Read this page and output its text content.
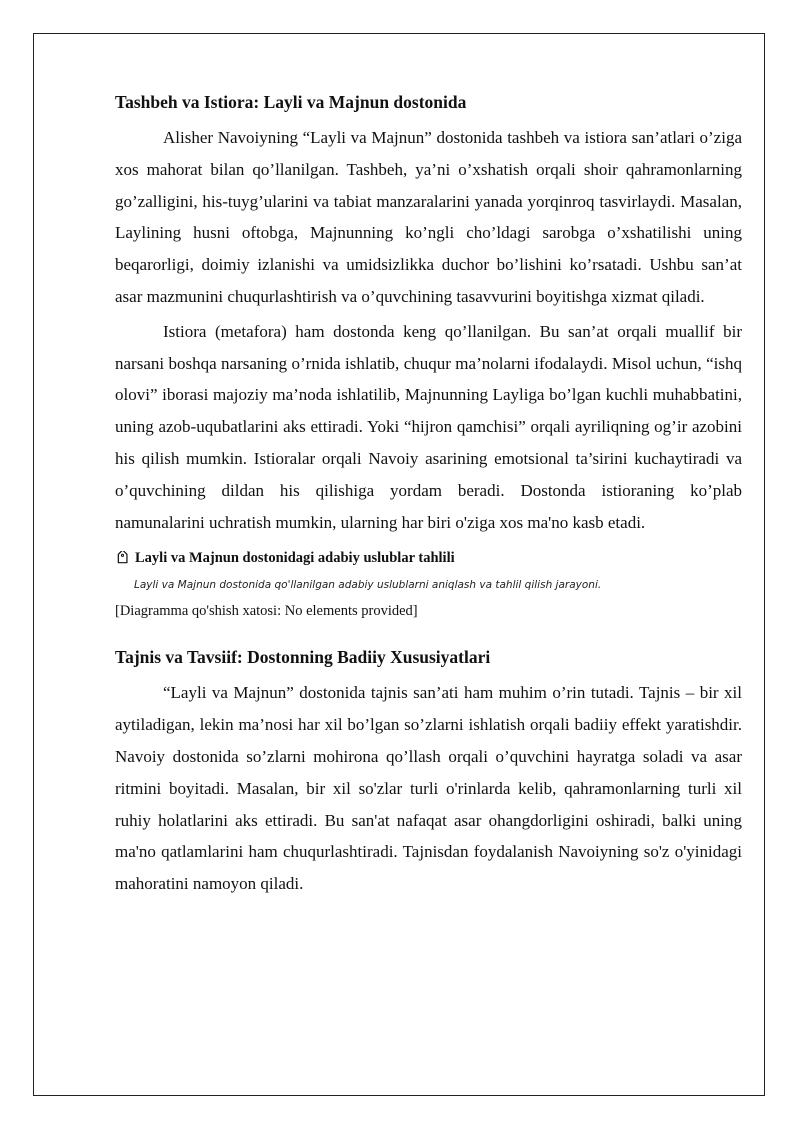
Tashbeh va Istiora: Layli va Majnun dostonida

Alisher Navoiyning “Layli va Majnun” dostonida tashbeh va istiora san’atlari o’ziga xos mahorat bilan qo’llanilgan. Tashbeh, ya’ni o’xshatish orqali shoir qahramonlarning go’zalligini, his-tuyg’ularini va tabiat manzaralarini yanada yorqinroq tasvirlaydi. Masalan, Laylining husni oftobga, Majnunning ko’ngli cho’ldagi sarobga o’xshatilishi uning beqarorligi, doimiy izlanishi va umidsizlikka duchor bo’lishini ko’rsatadi. Ushbu san’at asar mazmunini chuqurlashtirish va o’quvchining tasavvurini boyitishga xizmat qiladi.

Istiora (metafora) ham dostonda keng qo’llanilgan. Bu san’at orqali muallif bir narsani boshqa narsaning o’rnida ishlatib, chuqur ma’nolarni ifodalaydi. Misol uchun, “ishq olovi” iborasi majoziy ma’noda ishlatilib, Majnunning Layliga bo’lgan kuchli muhabbatini, uning azob-uqubatlarini aks ettiradi. Yoki “hijron qamchisi” orqali ayriliqning og’ir azobini his qilish mumkin. Istioralar orqali Navoiy asarining emotsional ta’sirini kuchaytiradi va o’quvchining dildan his qilishiga yordam beradi. Dostonda istioraning ko’plab namunalarini uchratish mumkin, ularning har biri o'ziga xos ma'no kasb etadi.

Layli va Majnun dostonidagi adabiy uslublar tahlili
Layli va Majnun dostonida qo'llanilgan adabiy uslublarni aniqlash va tahlil qilish jarayoni.
[Diagramma qo'shish xatosi: No elements provided]
Tajnis va Tavsiif: Dostonning Badiiy Xususiyatlari

“Layli va Majnun” dostonida tajnis san’ati ham muhim o’rin tutadi. Tajnis – bir xil aytiladigan, lekin ma’nosi har xil bo’lgan so’zlarni ishlatish orqali badiiy effekt yaratishdir. Navoiy dostonida so’zlarni mohirona qo’llash orqali o’quvchini hayratga soladi va asar ritmini boyitadi. Masalan, bir xil so'zlar turli o'rinlarda kelib, qahramonlarning turli xil ruhiy holatlarini aks ettiradi. Bu san'at nafaqat asar ohangdorligini oshiradi, balki uning ma'no qatlamlarini ham chuqurlashtiradi. Tajnisdan foydalanish Navoiyning so'z o'yinidagi mahoratini namoyon qiladi.
